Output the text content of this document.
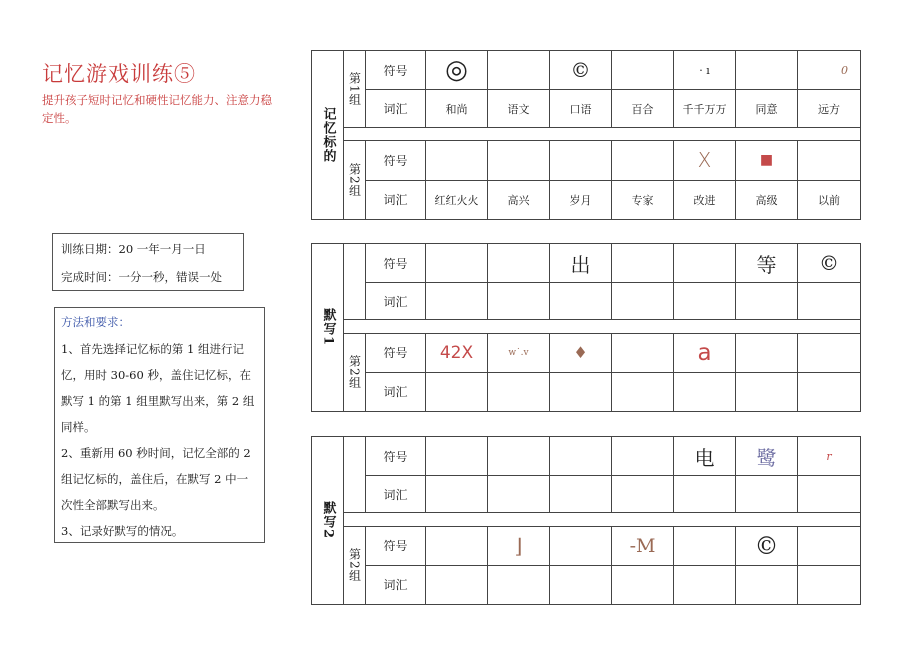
记忆游戏训练⑤
提升孩子短时记忆和硬性记忆能力、注意力稳定性。
训练日期：20 一年一月一日
完成时间：一分一秒，错误一处

方法和要求：

1、首先选择记忆标的第 1 组进行记忆，用时 30-60 秒，盖住记忆标，在默写 1 的第 1 组里默写出来，第 2 组同样。

2、重新用 60 秒时间，记忆全部的 2 组记忆标的，盖住后，在默写 2 中一次性全部默写出来。

3、记录好默写的情况。

记忆标的	第1组	符号	◎		©		· ı		0
		词汇	和尚	语文	口语	百合	千千万万	同意	远方

	第2组	符号					X	■	
		词汇	红红火火	高兴	岁月	专家	改进	高级	以前
默写1		符号			出			等	©
		词汇							

	第2组	符号	42X	w˙.v	♦		a		
		词汇							
默写2		符号					电	鹭	r
		词汇							

	第2组	符号		⌋		-M		©	
		词汇							
